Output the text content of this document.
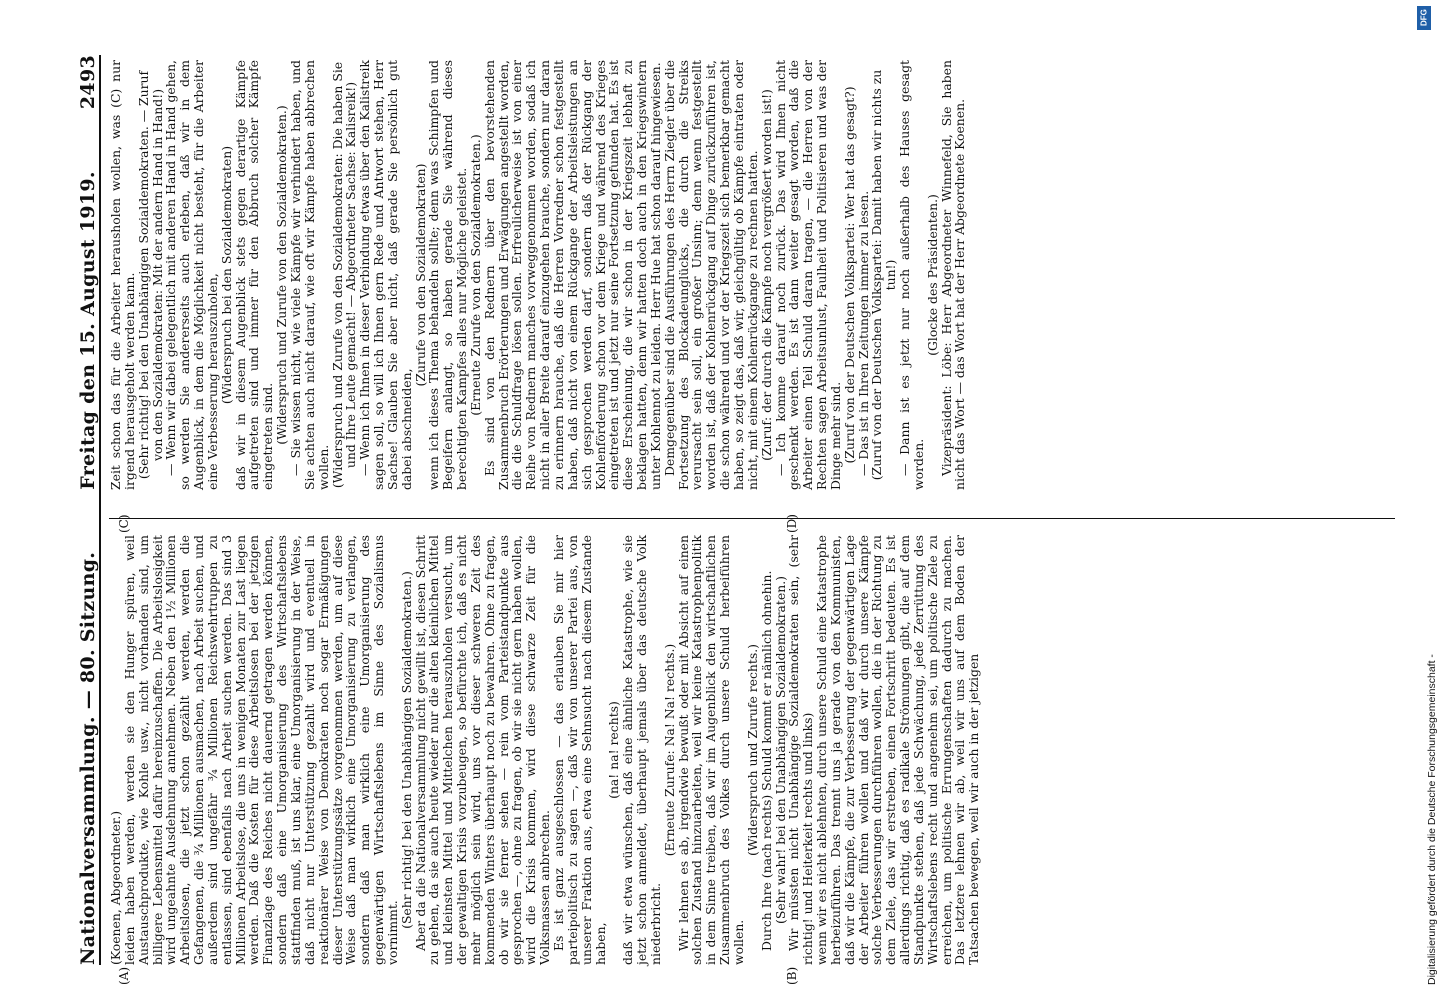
Nationalversammlung. — 80. Sitzung.
Freitag den 15. August 1919.
2493
(A)	(B)
(C)	(D)

(Koenen, Abgeordneter.)

leiden haben werden, werden sie den Hunger spüren, weil Austauschprodukte, wie Kohle usw., nicht vorhanden sind, um billigere Lebensmittel dafür hereinzuschaffen. Die Arbeitslosigkeit wird ungeahnte Ausdehnung annehmen. Neben den 1½ Millionen Arbeitslosen, die jetzt schon gezählt werden, werden die Gefangenen, die ¾ Millionen ausmachen, nach Arbeit suchen, und außerdem sind ungefähr ¾ Millionen Reichswehrtruppen zu entlassen, sind ebenfalls nach Arbeit suchen werden. Das sind 3 Millionen Arbeitslose, die uns in wenigen Monaten zur Last liegen werden. Daß die Kosten für diese Arbeitslosen bei der jetzigen Finanzlage des Reiches nicht dauernd getragen werden können, sondern daß eine Umorganisierung des Wirtschaftslebens stattfinden muß, ist uns klar, eine Umorganisierung in der Weise, daß nicht nur Unterstützung gezahlt wird und eventuell in reaktionärer Weise von Demokraten noch sogar Ermäßigungen dieser Unterstützungssätze vorgenommen werden, um auf diese Weise daß man wirklich eine Umorganisierung zu verlangen, sondern daß man wirklich eine Umorganisierung des gegenwärtigen Wirtschaftslebens im Sinne des Sozialismus vornimmt.

(Sehr richtig! bei den Unabhängigen Sozialdemokraten.)

Aber da die Nationalversammlung nicht gewillt ist, diesen Schritt zu gehen, da sie auch heute wieder nur die alten kleinlichen Mittel und kleinsten Mittel und Mittelchen herauszuholen versucht, um der gewaltigen Krisis vorzubeugen, so befürchte ich, daß es nicht mehr möglich sein wird, uns vor dieser schweren Zeit des kommenden Winters überhaupt noch zu bewahren. Ohne zu fragen, ob wir sie ferner sehen — rein vom Parteistandpunkte aus gesprochen —, ohne zu fragen, ob wir sie nicht gern haben wollen, wird die Krisis kommen, wird diese schwarze Zeit für die Volksmassen anbrechen.

Es ist ganz ausgeschlossen — das erlauben Sie mir hier parteipolitisch zu sagen —, daß wir von unserer Partei aus, von unserer Fraktion aus, etwa eine Sehnsucht nach diesem Zustande haben,

(na! na! rechts)

daß wir etwa wünschen, daß eine ähnliche Katastrophe, wie sie jetzt schon anmeldet, überhaupt jemals über das deutsche Volk niederbricht.

(Erneute Zurufe: Na! Na! rechts.)

Wir lehnen es ab, irgendwie bewußt oder mit Absicht auf einen solchen Zustand hinzuarbeiten, weil wir keine Katastrophenpolitik in dem Sinne treiben, daß wir im Augenblick den wirtschaftlichen Zusammenbruch des Volkes durch unsere Schuld herbeiführen wollen.

(Widerspruch und Zurufe rechts.)

Durch Ihre (nach rechts) Schuld kommt er nämlich ohnehin.

(Sehr wahr! bei den Unabhängigen Sozialdemokraten.)

Wir müssten nicht Unabhängige Sozialdemokraten sein, (sehr richtig! und Heiterkeit rechts und links)

wenn wir es nicht ablehnten, durch unsere Schuld eine Katastrophe herbeizuführen. Das trennt uns ja gerade von den Kommunisten, daß wir die Kämpfe, die zur Verbesserung der gegenwärtigen Lage der Arbeiter führen wollen und daß wir durch unsere Kämpfe solche Verbesserungen durchführen wollen, die in der Richtung zu dem Ziele, das wir erstreben, einen Fortschritt bedeuten. Es ist allerdings richtig, daß es radikale Strömungen gibt, die auf dem Standpunkte stehen, daß jede Schwächung, jede Zerrüttung des Wirtschaftslebens recht und angenehm sei, um politische Ziele zu erreichen, um politische Errungenschaften dadurch zu machen. Das letztere lehnen wir ab, weil wir uns auf dem Boden der Tatsachen bewegen, weil wir auch in der jetzigen

Zeit schon das für die Arbeiter herausholen wollen, was (C) nur irgend herausgeholt werden kann.

(Sehr richtig! bei den Unabhängigen Sozialdemokraten. — Zuruf von den Sozialdemokraten: Mit der andern Hand in Hand!)

— Wenn wir dabei gelegentlich mit anderen Hand in Hand gehen, so werden Sie andererseits auch erleben, daß wir in dem Augenblick, in dem die Möglichkeit nicht besteht, für die Arbeiter eine Verbesserung herauszuholen,

(Widerspruch bei den Sozialdemokraten)

daß wir in diesem Augenblick stets gegen derartige Kämpfe aufgetreten sind und immer für den Abbruch solcher Kämpfe eingetreten sind.

(Widerspruch und Zurufe von den Sozialdemokraten.)

— Sie wissen nicht, wie viele Kämpfe wir verhindert haben, und Sie achten auch nicht darauf, wie oft wir Kämpfe haben abbrechen wollen.

(Widerspruch und Zurufe von den Sozialdemokraten: Die haben Sie und Ihre Leute gemacht! — Abgeordneter Sachse: Kalisreik!)

— Wenn ich Ihnen in dieser Verbindung etwas über den Kalistreik sagen soll, so will ich Ihnen gern Rede und Antwort stehen, Herr Sachse! Glauben Sie aber nicht, daß gerade Sie persönlich gut dabei abschneiden,

(Zurufe von den Sozialdemokraten)

wenn ich dieses Thema behandeln sollte; denn was Schimpfen und Begeifern anlangt, so haben gerade Sie während dieses berechtigten Kampfes alles nur Mögliche geleistet.

(Erneute Zurufe von den Sozialdemokraten.)

Es sind von den Rednern über den bevorstehenden Zusammenbruch Erörterungen und Erwägungen angestellt worden, die die Schuldfrage lösen sollen. Erfreulicherweise ist von einer Reihe von Rednern manches vorweggenommen worden, sodaß ich nicht in aller Breite darauf einzugehen brauche, sondern nur daran zu erinnern brauche, daß die Herren Vorredner schon festgestellt haben, daß nicht von einem Rückgange der Arbeitsleistungen an sich gesprochen werden darf, sondern daß der Rückgang der Kohlenförderung schon vor dem Kriege und während des Krieges eingetreten ist und jetzt nur seine Fortsetzung gefunden hat. Es ist diese Erscheinung, die wir schon in der Kriegszeit lebhaft zu beklagen hatten, denn wir hatten doch auch in den Kriegswintern unter Kohlennot zu leiden. Herr Hue hat schon darauf hingewiesen.

Demgegenüber sind die Ausführungen des Herrn Ziegler über die Fortsetzung des Blockadeunglücks, die durch die Streiks verursacht sein soll, ein großer Unsinn; denn wenn festgestellt worden ist, daß der Kohlenrückgang auf Dinge zurückzuführen ist, die schon während und vor der Kriegszeit sich bemerkbar gemacht haben, so zeigt das, daß wir, gleichgültig ob Kämpfe eintraten oder nicht, mit einem Kohlenrückgange zu rechnen hatten.

(Zuruf: der durch die Kämpfe noch vergrößert worden ist!)

— Ich komme darauf noch zurück. Das wird Ihnen nicht geschenkt werden. Es ist dann weiter gesagt worden, daß die Arbeiter einen Teil Schuld daran tragen, — die Herren von der Rechten sagen Arbeitsunlust, Faulheit und Politisieren und was der Dinge mehr sind.

(Zuruf von der Deutschen Volkspartei: Wer hat das gesagt?)

— Das ist in Ihren Zeitungen immer zu lesen.

(Zuruf von der Deutschen Volkspartei: Damit haben wir nichts zu tun!)

— Dann ist es jetzt nur noch außerhalb des Hauses gesagt worden.

(Glocke des Präsidenten.)

Vizepräsident: Löbe: Herr Abgeordneter Winnefeld, Sie haben nicht das Wort — das Wort hat der Herr Abgeordnete Koenen.

DFG
Digitalisierung gefördert durch die Deutsche Forschungsgemeinschaft -
